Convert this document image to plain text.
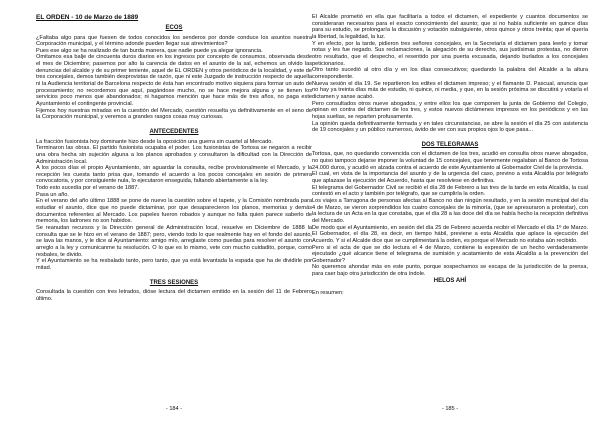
EL ORDEN - 10 de Marzo de 1889
ECOS

¿Faltaba algo para que fuesen de todos conocidos los senderos por donde conduce los asuntos nuestra Corporación municipal, y el término adonde pueden llegar sus atrevimientos?

Pues ese algo se ha realizado de tan burda manera, que nadie puede ya alegar ignorancia.

Omitamos esa balje de cincuenta duros diarios en los ingresos por concepto de consumos, observada desde el mes de Diciembre; pasemos por alto la carencia de datos en el asunto de la sal, echemos un olvido las denuncias del alcalde y de su primer teniente, aquel de EL ORDEN y otros periódicos de la localidad, y este de tres concejales, demos también desprovistas de razón, que ni este Juzgado de instrucción respecto de aquella ni la Audiencia territorial de Barcelona respecto de ésta han encontrado motivo siquiera para formar un auto de procesamiento; no recordemos que aquí, pagándose mucho, no se hace mejora alguna y se tienen los servicios poco menos que abandonados; ni hagamos mención que hace más de tres años, no paga este Ayuntamiento el contingente provincial.

Fijemos hoy nuestras miradas en la cuestión del Mercado, cuestión resuelta ya definitivamente en el seno de la Corporación municipal, y veremos a grandes rasgos cosas muy curiosas.

ANTECEDENTES

La fracción fusionista hoy dominante hizo desde la oposición una guerra sin cuartel al Mercado.

Terminaron las obras. El partido fusionista ocupaba el poder. Los fusionistas de Tortosa se negaron a recibir una obra hecha sin sujeción alguna a los planos aprobados y consultaron la dificultad con la Dirección de Administración local.

A los pocos días el propio Ayuntamiento, sin aguardar la consulta, recibe provisionalmente el Mercado, y la recepción les cuesta tanto prisa que, tomando el acuerdo a los pocos concejales en sesión de primera convocatoria, y por consiguiente nula, lo ejecutaron enseguida, faltando abiertamente a la ley.

Todo esto sucedía por el verano de 1887.

Pasa un año.

En el verano del año último 1888 se pone de nuevo la cuestión sobre el tapete, y la Comisión nombrada para estudiar el asunto, dice que no puede dictaminar, por que desaparecieron los planos, memorias y demás documentos referentes al Mercado. Los papeles fueron robados y aunque no falta quien parece saberlo de memoria, los ladrones no son habidos.

Se reanudan recursos y la Dirección general de Administración local, resuelve en Diciembre de 1888 la consulta que se le hizo en el verano de 1887; pero, viendo todo lo que realmente hay en el fondo del asunto, se lava las manos, y le dice al Ayuntamiento: amigo mío, arreglaste como puedas para resolver el asunto con arreglo a la ley y comunicanme tu resolución. O lo que es lo mismo, vete con mucho cuidadito, porque, como resbales, te divido.

Y el Ayuntamiento se ha resbalado tanto, pero tanto, que ya está levantada la espada que ha de dividirle por mitad.

TRES SESIONES

Consultada la cuestión con tres letrados, dióse lectura del dictamen emitido en la sesión del 11 de Febrero último.

- 184 -

El Alcalde prometió en ella que facilitaría a todos el dictamen, el expediente y cuantos documentos se consideraran necesarios para el exacto conocimiento del asunto; que si no había suficiente en quince días para su estudio, se prolongaría la discusión y votación subsiguiente, otros quince y otros treinta; que el quería la libertad, la legalidad, la luz.

Y en efecto, por la tarde, pidieron tres señores concejales, en la Secretaría el dictamen para leerlo y tomar notas y les fue negado. Sus reclamaciones, la alegación de su derecho, sus justísimas protestas, no dieron otro resultado, que el despecho, el resentido por una puerta excusada, dejando burlados a los concejales peticionarios.

Otro tanto sucedió al otro día y en los días consecutivos; quedando la palabra del Alcalde a la altura correspondiente.

Nueva sesión el día 19. Se repartieron los edites el dictamen impreso; y el flamante D. Pascual, anuncia que no hay ya treinta días más de estudio, ni quince, ni media, y que, en la sesión próxima se discutirá y votaría el dictamen y sanse acabó.

Pero consultados otros nueve abogados, y entre ellos los que componen la junta de Gobierno del Colegio, opinan en contra del dictamen de los tres, y estos nuevos dictámenes impresos en los periódicos y en las hojas sueltas, se reparten profusamente.

La opinión queda definitivamente formada y en tales circunstancias, se abre la sesión el día 25 con asistencia de 19 concejales y un público numeroso, ávido de ver con sus propios ojos lo que pasa...

DOS TELEGRAMAS

Tortosa, que, no quedando convencida con el dictamen de los tres, acudió en consulta otros nueve abogados, no quiso tampoco dejarse imponer la voluntad de 15 concejales, que tenemente regalaban al Banco de Tortosa 24.000 duros, y acudió en alzada contra el acuerdo de este Ayuntamiento al Gobernador Civil de la provincia.

El cual, en vista de la importancia del asunto y de la urgencia del caso, previno a esta Alcaldía por telégrafo que aplazase la ejecución del Acuerdo, hasta que resolviese en definitiva.

El telegrama del Gobernador Civil se recibió el día 28 de Febrero a las tres de la tarde en esta Alcaldía, la cual contestó en el acto y también por telégrafo, que se cumpliría la orden.

Los viajes a Tarragona de personas afectas al Banco no dan ningún resultado, y en la sesión municipal del día 4 de Marzo, se vieron sorprendidos los cuatro concejales de la minoría, (que se apresuraron a protestar), con la lectura de un Acta en la que constaba, que el día 28 a las doce del día se había hecho la recepción definitiva del Mercado.

De modo que el Ayuntamiento, en sesión del día 25 de Febrero acuerda recibir el Mercado el día 1º de Marzo. El Gobernador, el día 28, es decir, en tiempo hábil, previene a esta Alcaldía que aplace la ejecución del Acuerdo. Y si el Alcalde dice que se cumplimentará la orden, es porque el Mercado no estaba aún recibido.

Pero si el acta de que se dio lectura el 4 de Marzo, contiene la expresión de un hecho verdaderamente ejecutado ¿qué alcance tiene el telegrama de sumisión y acatamiento de esta Alcaldía a la prevención del Gobernador?

No queremos ahondar más en este punto, porque sospechamos se escapa de la jurisdicción de la prensa, para caer bajo otra jurisdicción de otra índole.

HELOS AHÍ

En resumen:

- 185 -
